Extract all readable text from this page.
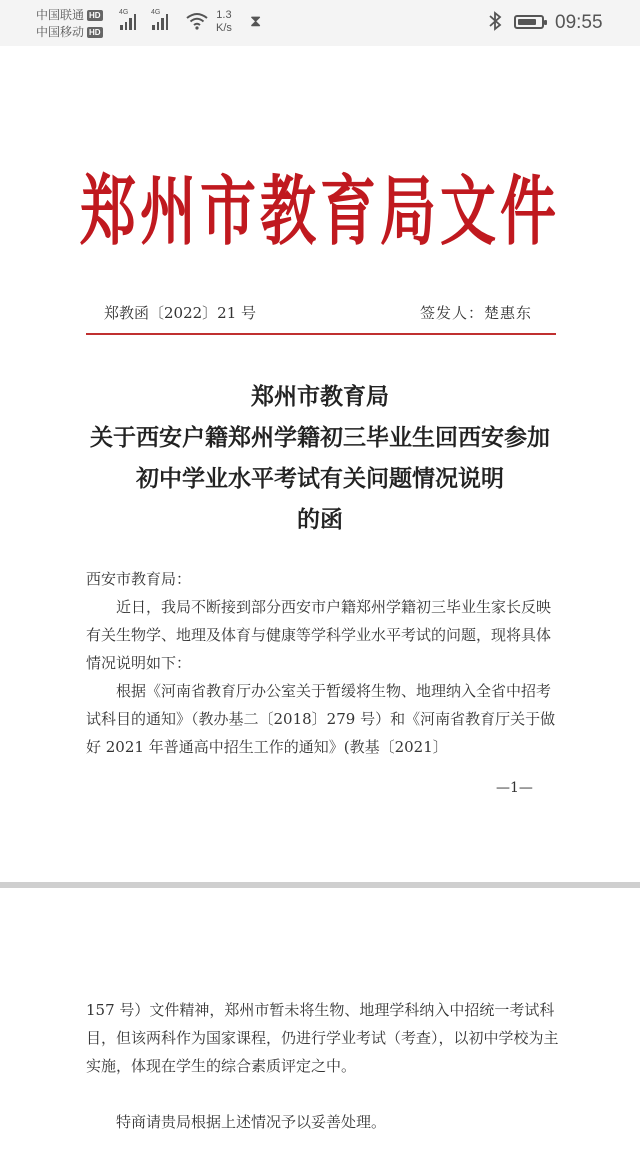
中国联通 HD
中国移动 HD
4G	4G	1.3
K/s ⧗	09:55
郑州市教育局文件
郑教函〔2022〕21 号	签发人：楚惠东
郑州市教育局
关于西安户籍郑州学籍初三毕业生回西安参加
初中学业水平考试有关问题情况说明
的函
西安市教育局：
近日，我局不断接到部分西安市户籍郑州学籍初三毕业生家长反映有关生物学、地理及体育与健康等学科学业水平考试的问题，现将具体情况说明如下：
根据《河南省教育厅办公室关于暂缓将生物、地理纳入全省中招考试科目的通知》（教办基二〔2018〕279 号）和《河南省教育厅关于做好 2021 年普通高中招生工作的通知》(教基〔2021〕
—1—
157 号）文件精神，郑州市暂未将生物、地理学科纳入中招统一考试科目，但该两科作为国家课程，仍进行学业考试（考查），以初中学校为主实施，体现在学生的综合素质评定之中。
特商请贵局根据上述情况予以妥善处理。
